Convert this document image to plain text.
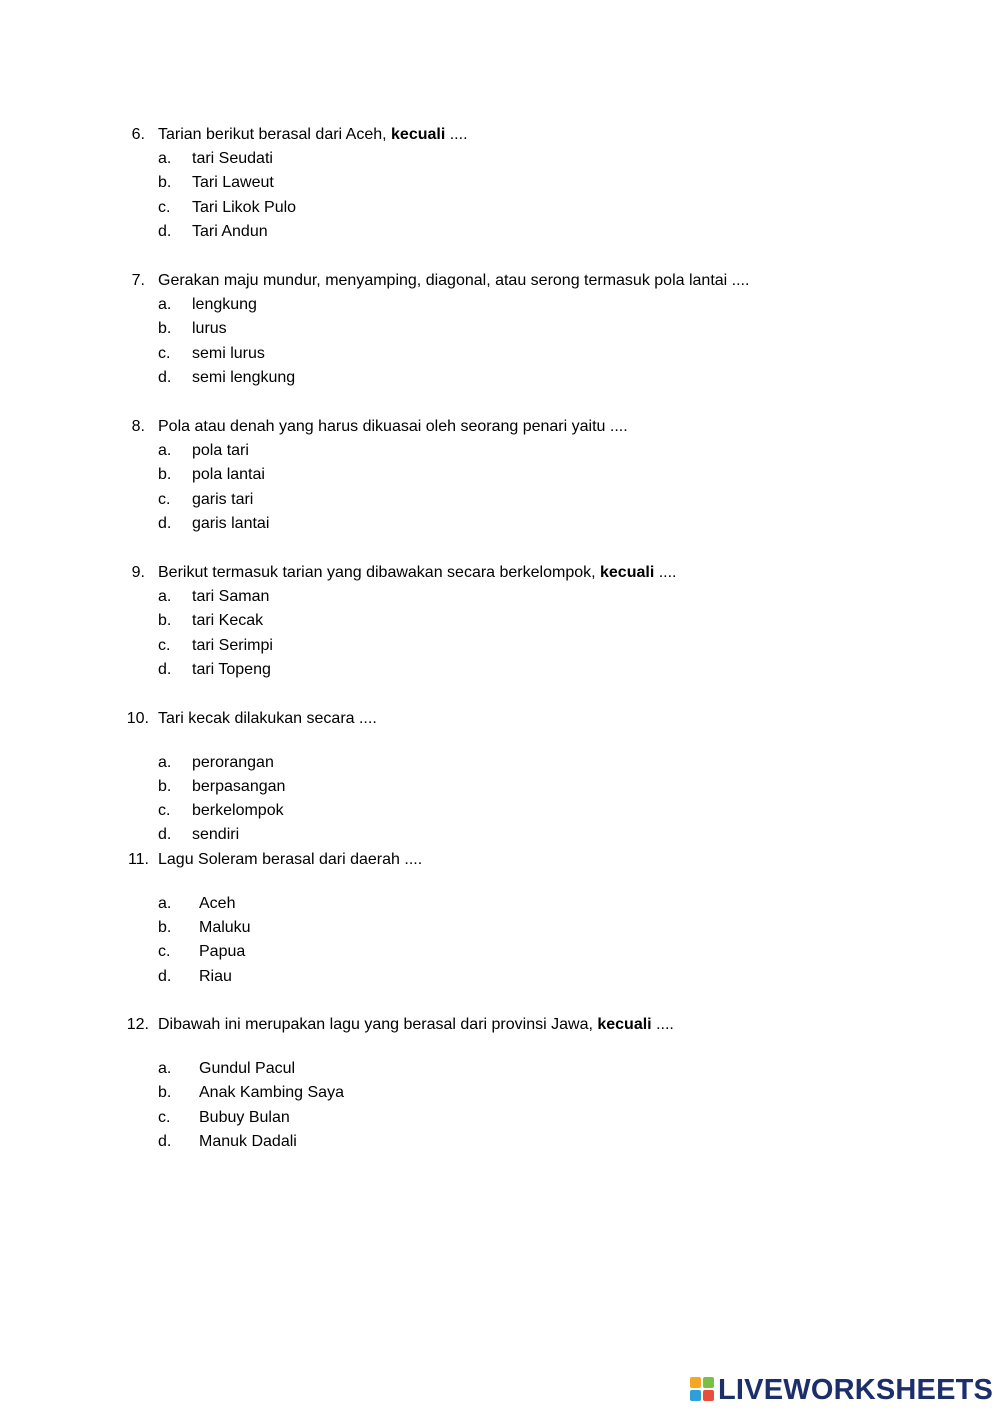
6. Tarian berikut berasal dari Aceh, kecuali ....
a. tari Seudati
b. Tari Laweut
c. Tari Likok Pulo
d. Tari Andun
7. Gerakan maju mundur, menyamping, diagonal, atau serong termasuk pola lantai ....
a. lengkung
b. lurus
c. semi lurus
d. semi lengkung
8. Pola atau denah yang harus dikuasai oleh seorang penari yaitu ....
a. pola tari
b. pola lantai
c. garis tari
d. garis lantai
9. Berikut termasuk tarian yang dibawakan secara berkelompok, kecuali ....
a. tari Saman
b. tari Kecak
c. tari Serimpi
d. tari Topeng
10. Tari kecak dilakukan secara ....
a. perorangan
b. berpasangan
c. berkelompok
d. sendiri
11. Lagu Soleram berasal dari daerah ....
a. Aceh
b. Maluku
c. Papua
d. Riau
12. Dibawah ini merupakan lagu yang berasal dari provinsi Jawa, kecuali ....
a. Gundul Pacul
b. Anak Kambing Saya
c. Bubuy Bulan
d. Manuk Dadali
LIVEWORKSHEETS
